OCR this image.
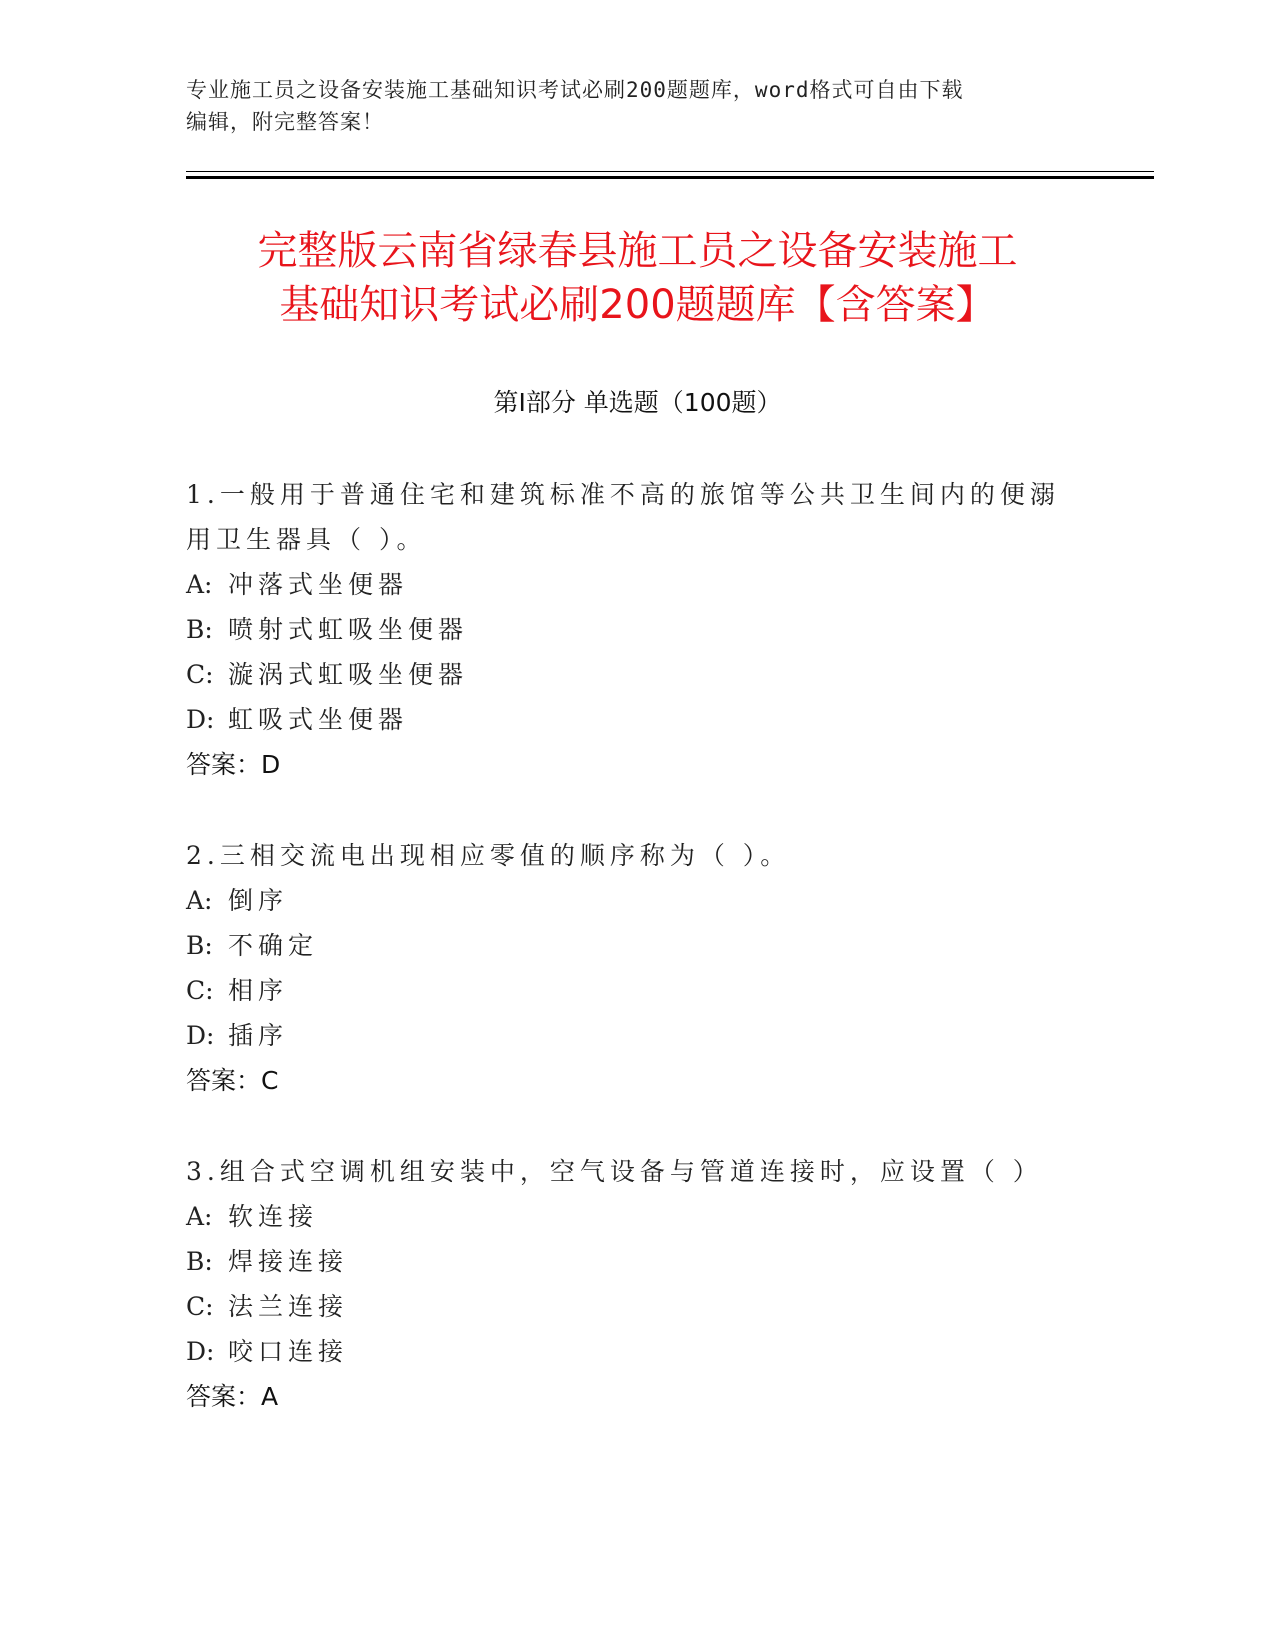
专业施工员之设备安装施工基础知识考试必刷200题题库，word格式可自由下载
编辑，附完整答案！
完整版云南省绿春县施工员之设备安装施工
基础知识考试必刷200题题库【含答案】
第Ⅰ部分 单选题（100题）

1.一般用于普通住宅和建筑标准不高的旅馆等公共卫生间内的便溺用卫生器具（ ）。

A: 冲落式坐便器

B: 喷射式虹吸坐便器

C: 漩涡式虹吸坐便器

D: 虹吸式坐便器

答案：D

2.三相交流电出现相应零值的顺序称为（ ）。

A: 倒序

B: 不确定

C: 相序

D: 插序

答案：C

3.组合式空调机组安装中，空气设备与管道连接时，应设置（ ）

A: 软连接

B: 焊接连接

C: 法兰连接

D: 咬口连接

答案：A
